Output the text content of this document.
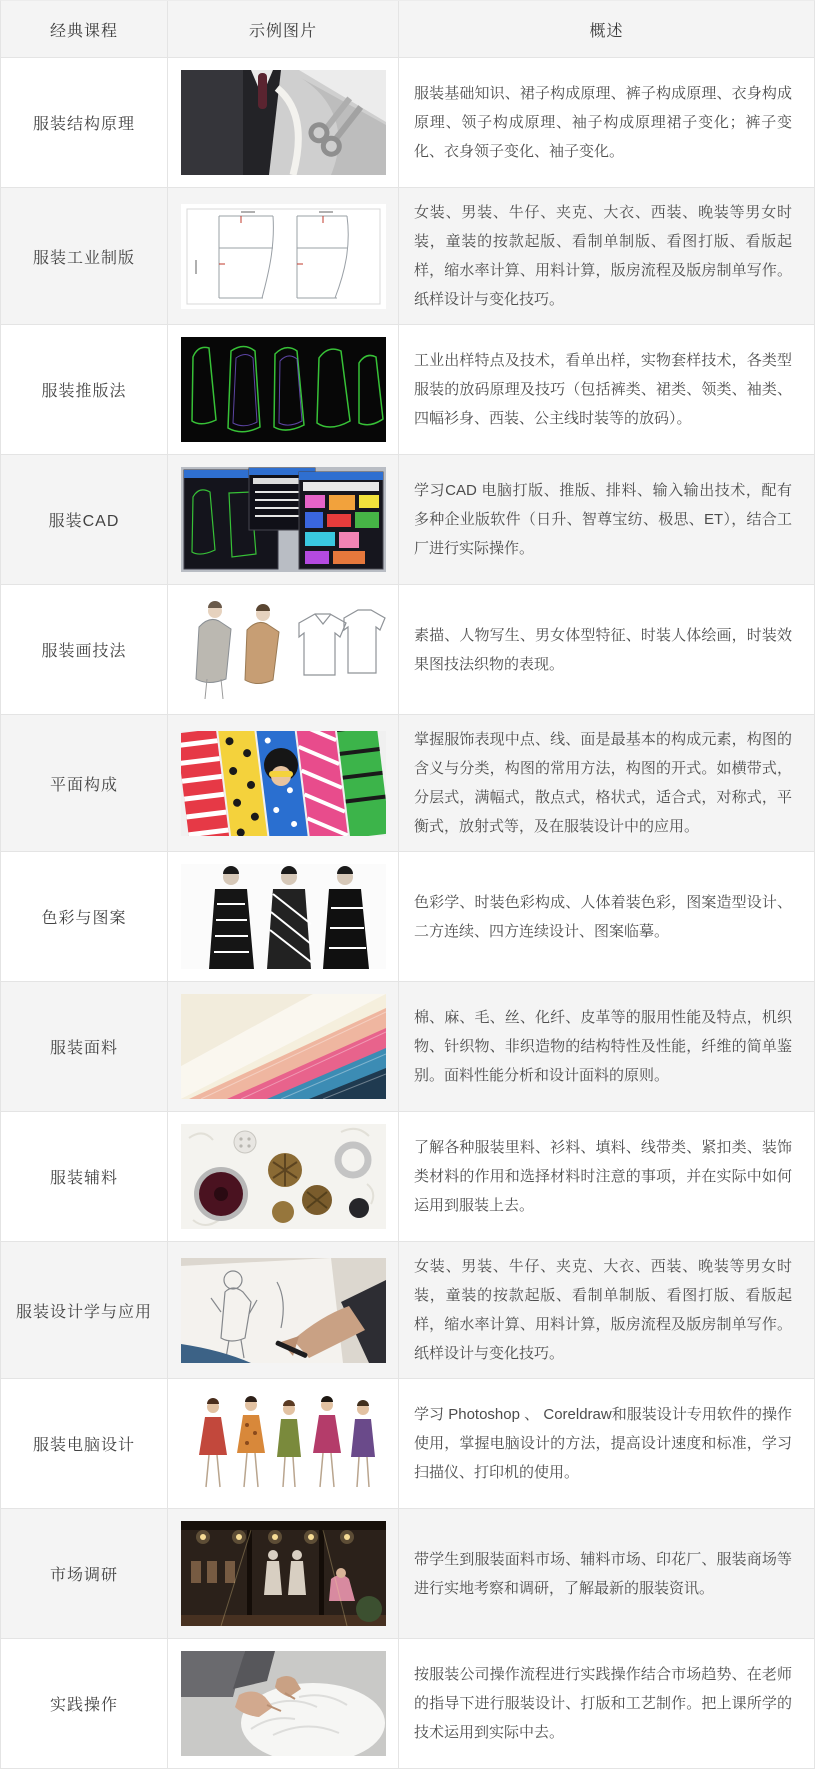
经典课程	示例图片	概述
服装结构原理

服装基础知识、裙子构成原理、裤子构成原理、衣身构成原理、领子构成原理、袖子构成原理裙子变化；裤子变化、衣身领子变化、袖子变化。

服装工业制版

女装、男装、牛仔、夹克、大衣、西装、晚装等男女时装，童装的按款起版、看制单制版、看图打版、看版起样，缩水率计算、用料计算，版房流程及版房制单写作。纸样设计与变化技巧。

服装推版法

工业出样特点及技术，看单出样，实物套样技术，各类型服装的放码原理及技巧（包括裤类、裙类、领类、袖类、四幅衫身、西装、公主线时装等的放码）。

服装CAD

学习CAD 电脑打版、推版、排料、输入输出技术，配有多种企业版软件（日升、智尊宝纺、极思、ET），结合工厂进行实际操作。

服装画技法

素描、人物写生、男女体型特征、时装人体绘画，时装效果图技法织物的表现。

平面构成

掌握服饰表现中点、线、面是最基本的构成元素，构图的含义与分类，构图的常用方法，构图的开式。如横带式，分层式，满幅式，散点式，格状式，适合式，对称式，平衡式，放射式等，及在服装设计中的应用。

色彩与图案

色彩学、时装色彩构成、人体着装色彩，图案造型设计、二方连续、四方连续设计、图案临摹。

服装面料

棉、麻、毛、丝、化纤、皮革等的服用性能及特点，机织物、针织物、非织造物的结构特性及性能，纤维的简单鉴别。面料性能分析和设计面料的原则。

服装辅料

了解各种服装里料、衫料、填料、线带类、紧扣类、装饰类材料的作用和选择材料时注意的事项，并在实际中如何运用到服装上去。

服装设计学与应用

女装、男装、牛仔、夹克、大衣、西装、晚装等男女时装，童装的按款起版、看制单制版、看图打版、看版起样，缩水率计算、用料计算，版房流程及版房制单写作。纸样设计与变化技巧。

服装电脑设计

学习 Photoshop 、 Coreldraw和服装设计专用软件的操作使用，掌握电脑设计的方法，提高设计速度和标准，学习扫描仪、打印机的使用。

市场调研

带学生到服装面料市场、辅料市场、印花厂、服装商场等进行实地考察和调研，了解最新的服装资讯。

实践操作

按服装公司操作流程进行实践操作结合市场趋势、在老师的指导下进行服装设计、打版和工艺制作。把上课所学的技术运用到实际中去。
